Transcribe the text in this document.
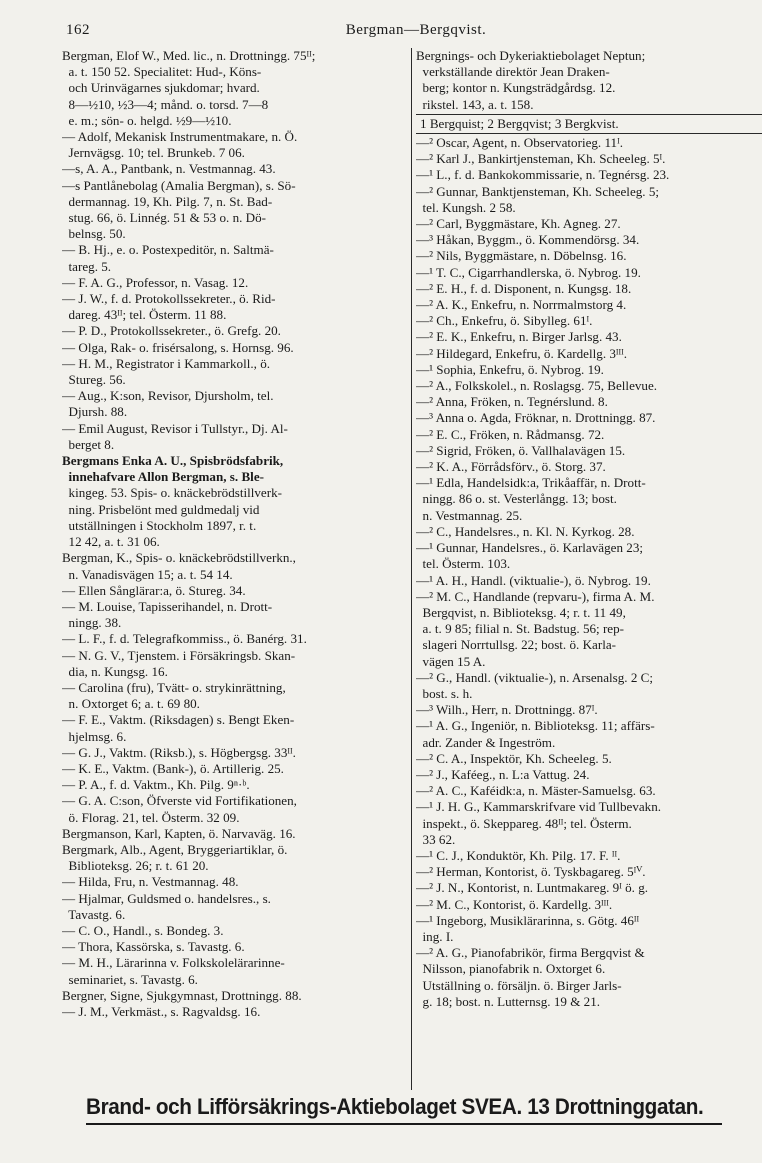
162	Bergman—Bergqvist.
Bergman, Elof W., Med. lic., n. Drottningg. 75ᴵᴵ;
a. t. 150 52. Specialitet: Hud-, Köns-
och Urinvägarnes sjukdomar; hvard.
8—½10, ½3—4; månd. o. torsd. 7—8
e. m.; sön- o. helgd. ½9—½10.
— Adolf, Mekanisk Instrumentmakare, n. Ö.
Jernvägsg. 10; tel. Brunkeb. 7 06.
—s, A. A., Pantbank, n. Vestmannag. 43.
—s Pantlånebolag (Amalia Bergman), s. Sö-
dermannag. 19, Kh. Pilg. 7, n. St. Bad-
stug. 66, ö. Linnég. 51 & 53 o. n. Dö-
belnsg. 50.
— B. Hj., e. o. Postexpeditör, n. Saltmä-
tareg. 5.
— F. A. G., Professor, n. Vasag. 12.
— J. W., f. d. Protokollssekreter., ö. Rid-
dareg. 43ᴵᴵ; tel. Österm. 11 88.
— P. D., Protokollssekreter., ö. Grefg. 20.
— Olga, Rak- o. frisérsalong, s. Hornsg. 96.
— H. M., Registrator i Kammarkoll., ö.
Stureg. 56.
— Aug., K:son, Revisor, Djursholm, tel.
Djursh. 88.
— Emil August, Revisor i Tullstyr., Dj. Al-
berget 8.
Bergmans Enka A. U., Spisbrödsfabrik,
innehafvare Allon Bergman, s. Ble-
kingeg. 53. Spis- o. knäckebrödstillverk-
ning. Prisbelönt med guldmedalj vid
utställningen i Stockholm 1897, r. t.
12 42, a. t. 31 06.
Bergman, K., Spis- o. knäckebrödstillverkn.,
n. Vanadisvägen 15; a. t. 54 14.
— Ellen Sånglärar:a, ö. Stureg. 34.
— M. Louise, Tapisserihandel, n. Drott-
ningg. 38.
— L. F., f. d. Telegrafkommiss., ö. Banérg. 31.
— N. G. V., Tjenstem. i Försäkringsb. Skan-
dia, n. Kungsg. 16.
— Carolina (fru), Tvätt- o. strykinrättning,
n. Oxtorget 6; a. t. 69 80.
— F. E., Vaktm. (Riksdagen) s. Bengt Eken-
hjelmsg. 6.
— G. J., Vaktm. (Riksb.), s. Högbergsg. 33ᴵᴵ.
— K. E., Vaktm. (Bank-), ö. Artillerig. 25.
— P. A., f. d. Vaktm., Kh. Pilg. 9ⁿ·ᵇ.
— G. A. C:son, Öfverste vid Fortifikationen,
ö. Florag. 21, tel. Österm. 32 09.
Bergmanson, Karl, Kapten, ö. Narvaväg. 16.
Bergmark, Alb., Agent, Bryggeriartiklar, ö.
Biblioteksg. 26; r. t. 61 20.
— Hilda, Fru, n. Vestmannag. 48.
— Hjalmar, Guldsmed o. handelsres., s.
Tavastg. 6.
— C. O., Handl., s. Bondeg. 3.
— Thora, Kassörska, s. Tavastg. 6.
— M. H., Lärarinna v. Folkskolelärarinne-
seminariet, s. Tavastg. 6.
Bergner, Signe, Sjukgymnast, Drottningg. 88.
— J. M., Verkmäst., s. Ragvaldsg. 16.
Bergnings- och Dykeriaktiebolaget Neptun;
verkställande direktör Jean Draken-
berg; kontor n. Kungsträdgårdsg. 12.
rikstel. 143, a. t. 158.
1 Bergquist; 2 Bergqvist; 3 Bergkvist.
—² Oscar, Agent, n. Observatorieg. 11ᴵ.
—² Karl J., Bankirtjensteman, Kh. Scheeleg. 5ᴵ.
—¹ L., f. d. Bankokommissarie, n. Tegnérsg. 23.
—² Gunnar, Banktjensteman, Kh. Scheeleg. 5;
tel. Kungsh. 2 58.
—² Carl, Byggmästare, Kh. Agneg. 27.
—³ Håkan, Byggm., ö. Kommendörsg. 34.
—² Nils, Byggmästare, n. Döbelnsg. 16.
—¹ T. C., Cigarrhandlerska, ö. Nybrog. 19.
—² E. H., f. d. Disponent, n. Kungsg. 18.
—² A. K., Enkefru, n. Norrmalmstorg 4.
—² Ch., Enkefru, ö. Sibylleg. 61ᴵ.
—² E. K., Enkefru, n. Birger Jarlsg. 43.
—² Hildegard, Enkefru, ö. Kardellg. 3ᴵᴵᴵ.
—¹ Sophia, Enkefru, ö. Nybrog. 19.
—² A., Folkskolel., n. Roslagsg. 75, Bellevue.
—² Anna, Fröken, n. Tegnérslund. 8.
—³ Anna o. Agda, Fröknar, n. Drottningg. 87.
—² E. C., Fröken, n. Rådmansg. 72.
—² Sigrid, Fröken, ö. Vallhalavägen 15.
—² K. A., Förrådsförv., ö. Storg. 37.
—¹ Edla, Handelsidk:a, Trikåaffär, n. Drott-
ningg. 86 o. st. Vesterlångg. 13; bost.
n. Vestmannag. 25.
—² C., Handelsres., n. Kl. N. Kyrkog. 28.
—¹ Gunnar, Handelsres., ö. Karlavägen 23;
tel. Österm. 103.
—¹ A. H., Handl. (viktualie-), ö. Nybrog. 19.
—² M. C., Handlande (repvaru-), firma A. M.
Bergqvist, n. Biblioteksg. 4; r. t. 11 49,
a. t. 9 85; filial n. St. Badstug. 56; rep-
slageri Norrtullsg. 22; bost. ö. Karla-
vägen 15 A.
—² G., Handl. (viktualie-), n. Arsenalsg. 2 C;
bost. s. h.
—³ Wilh., Herr, n. Drottningg. 87ᴵ.
—¹ A. G., Ingeniör, n. Biblioteksg. 11; affärs-
adr. Zander & Ingeström.
—² C. A., Inspektör, Kh. Scheeleg. 5.
—² J., Kaféeg., n. L:a Vattug. 24.
—² A. C., Kaféidk:a, n. Mäster-Samuelsg. 63.
—¹ J. H. G., Kammarskrifvare vid Tullbevakn.
inspekt., ö. Skeppareg. 48ᴵᴵ; tel. Österm.
33 62.
—¹ C. J., Konduktör, Kh. Pilg. 17. F. ᴵᴵ.
—² Herman, Kontorist, ö. Tyskbagareg. 5ᴵⱽ.
—² J. N., Kontorist, n. Luntmakareg. 9ᴵ ö. g.
—² M. C., Kontorist, ö. Kardellg. 3ᴵᴵᴵ.
—¹ Ingeborg, Musiklärarinna, s. Götg. 46ᴵᴵ
ing. I.
—² A. G., Pianofabrikör, firma Bergqvist &
Nilsson, pianofabrik n. Oxtorget 6.
Utställning o. försäljn. ö. Birger Jarls-
g. 18; bost. n. Lutternsg. 19 & 21.
Brand- och Lifförsäkrings-Aktiebolaget SVEA. 13 Drottninggatan.
